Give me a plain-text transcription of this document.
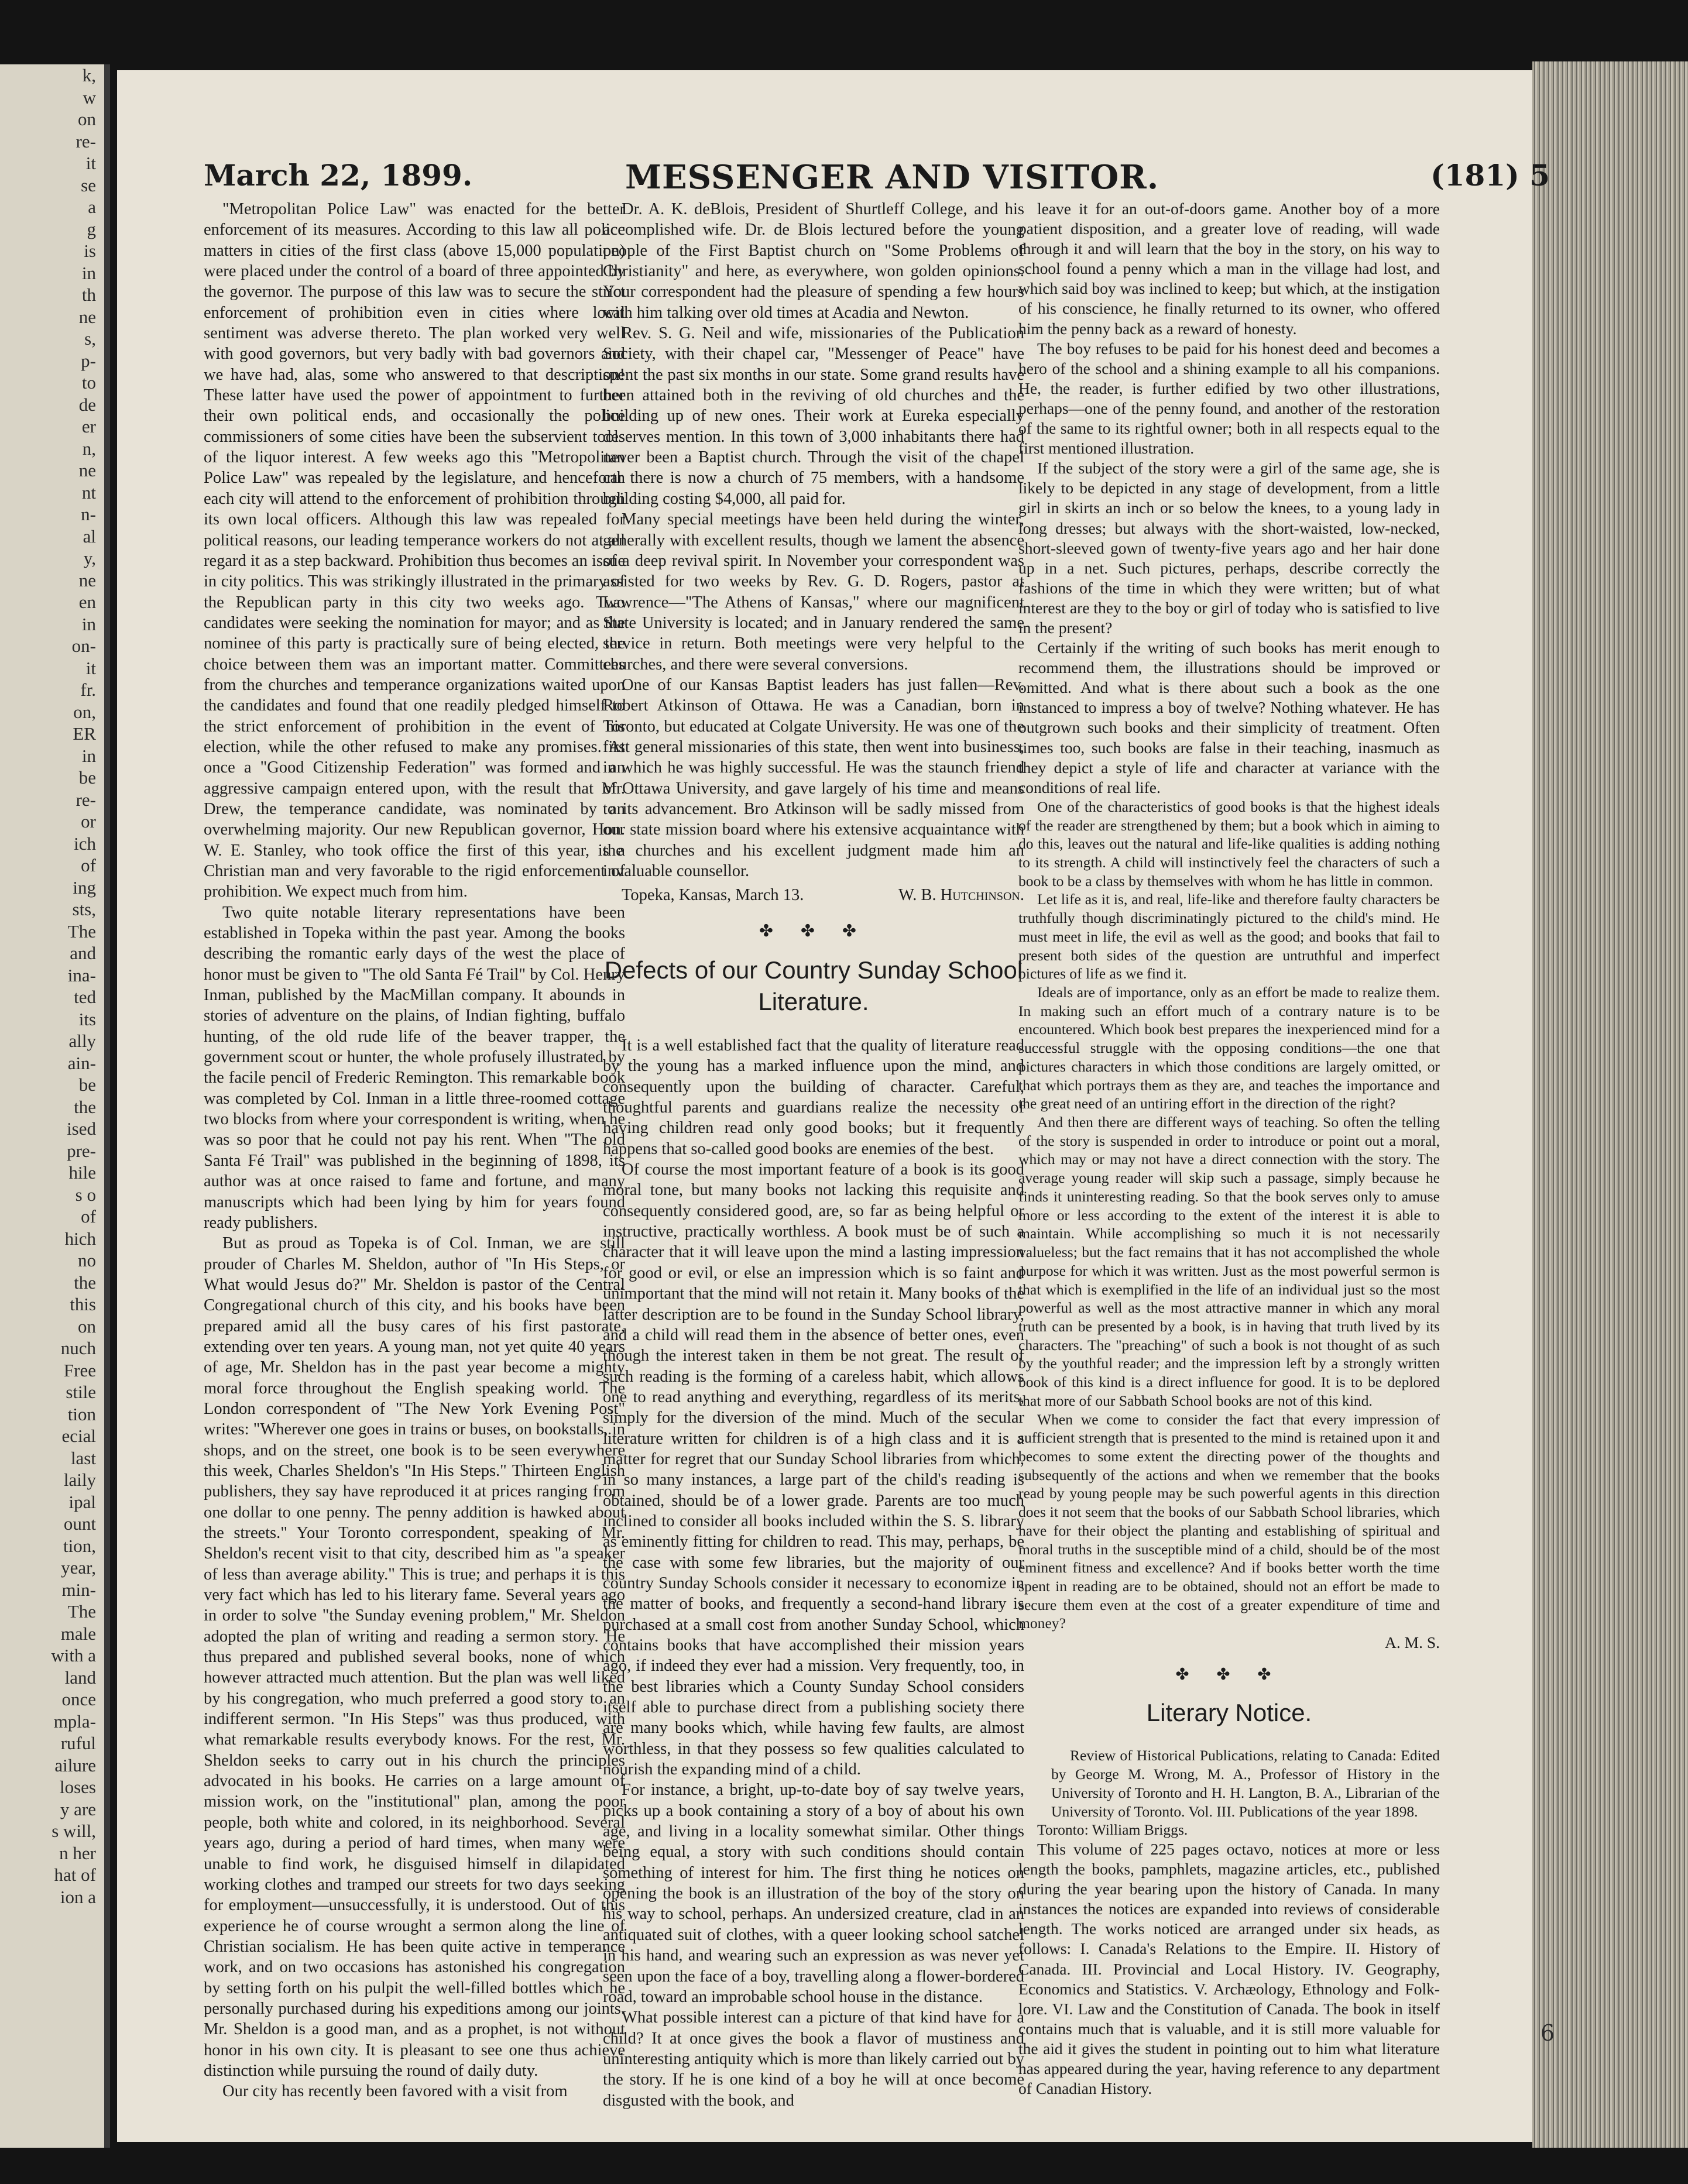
k,

w

on

re-

it

se

a

g

is

in

th

ne

s,

p-

to

de

er

n,

ne

nt

n-

al

y,

ne

en

in

on-

it

fr.

on,

ER

in

be

re-

or

ich

of

ing

sts,

The

and

ina-

ted

its

ally

ain-

be

the

ised

pre-

hile

s o

of

hich

no

the

this

on

nuch

Free

stile

tion

ecial

last

laily

ipal

ount

tion,

year,

min-

The

male

with a

land

once

mpla-

ruful

ailure

loses

y are

s will,

n her

hat of

ion a

March 22, 1899.	MESSENGER AND VISITOR.	(181) 5

"Metropolitan Police Law" was enacted for the better enforcement of its measures. According to this law all police matters in cities of the first class (above 15,000 population) were placed under the control of a board of three appointed by the governor. The purpose of this law was to secure the strict enforcement of prohibition even in cities where local sentiment was adverse thereto. The plan worked very well with good governors, but very badly with bad governors and we have had, alas, some who answered to that description! These latter have used the power of appointment to further their own political ends, and occasionally the police commissioners of some cities have been the subservient tools of the liquor interest. A few weeks ago this "Metropolitan Police Law" was repealed by the legislature, and henceforth each city will attend to the enforcement of prohibition through its own local officers. Although this law was repealed for political reasons, our leading temperance workers do not at all regard it as a step backward. Prohibition thus becomes an issue in city politics. This was strikingly illustrated in the primary of the Republican party in this city two weeks ago. Two candidates were seeking the nomination for mayor; and as the nominee of this party is practically sure of being elected, the choice between them was an important matter. Committees from the churches and temperance organizations waited upon the candidates and found that one readily pledged himself to the strict enforcement of prohibition in the event of his election, while the other refused to make any promises. At once a "Good Citizenship Federation" was formed and an aggressive campaign entered upon, with the result that Mr. Drew, the temperance candidate, was nominated by an overwhelming majority. Our new Republican governor, Hon. W. E. Stanley, who took office the first of this year, is a Christian man and very favorable to the rigid enforcement of prohibition. We expect much from him.

Two quite notable literary representations have been established in Topeka within the past year. Among the books describing the romantic early days of the west the place of honor must be given to "The old Santa Fé Trail" by Col. Henry Inman, published by the MacMillan company. It abounds in stories of adventure on the plains, of Indian fighting, buffalo hunting, of the old rude life of the beaver trapper, the government scout or hunter, the whole profusely illustrated by the facile pencil of Frederic Remington. This remarkable book was completed by Col. Inman in a little three-roomed cottage two blocks from where your correspondent is writing, when he was so poor that he could not pay his rent. When "The old Santa Fé Trail" was published in the beginning of 1898, its author was at once raised to fame and fortune, and many manuscripts which had been lying by him for years found ready publishers.

But as proud as Topeka is of Col. Inman, we are still prouder of Charles M. Sheldon, author of "In His Steps, or What would Jesus do?" Mr. Sheldon is pastor of the Central Congregational church of this city, and his books have been prepared amid all the busy cares of his first pastorate, extending over ten years. A young man, not yet quite 40 years of age, Mr. Sheldon has in the past year become a mighty moral force throughout the English speaking world. The London correspondent of "The New York Evening Post" writes: "Wherever one goes in trains or buses, on bookstalls, in shops, and on the street, one book is to be seen everywhere this week, Charles Sheldon's "In His Steps." Thirteen English publishers, they say have reproduced it at prices ranging from one dollar to one penny. The penny addition is hawked about the streets." Your Toronto correspondent, speaking of Mr. Sheldon's recent visit to that city, described him as "a speaker of less than average ability." This is true; and perhaps it is this very fact which has led to his literary fame. Several years ago in order to solve "the Sunday evening problem," Mr. Sheldon adopted the plan of writing and reading a sermon story. He thus prepared and published several books, none of which however attracted much attention. But the plan was well liked by his congregation, who much preferred a good story to an indifferent sermon. "In His Steps" was thus produced, with what remarkable results everybody knows. For the rest, Mr. Sheldon seeks to carry out in his church the principles advocated in his books. He carries on a large amount of mission work, on the "institutional" plan, among the poor people, both white and colored, in its neighborhood. Several years ago, during a period of hard times, when many were unable to find work, he disguised himself in dilapidated working clothes and tramped our streets for two days seeking for employment—unsuccessfully, it is understood. Out of this experience he of course wrought a sermon along the line of Christian socialism. He has been quite active in temperance work, and on two occasions has astonished his congregation by setting forth on his pulpit the well-filled bottles which he personally purchased during his expeditions among our joints. Mr. Sheldon is a good man, and as a prophet, is not without honor in his own city. It is pleasant to see one thus achieve distinction while pursuing the round of daily duty.

Our city has recently been favored with a visit from

Dr. A. K. deBlois, President of Shurtleff College, and his accomplished wife. Dr. de Blois lectured before the young people of the First Baptist church on "Some Problems of Christianity" and here, as everywhere, won golden opinions. Your correspondent had the pleasure of spending a few hours with him talking over old times at Acadia and Newton.

Rev. S. G. Neil and wife, missionaries of the Publication Society, with their chapel car, "Messenger of Peace" have spent the past six months in our state. Some grand results have been attained both in the reviving of old churches and the building up of new ones. Their work at Eureka especially deserves mention. In this town of 3,000 inhabitants there had never been a Baptist church. Through the visit of the chapel car there is now a church of 75 members, with a handsome building costing $4,000, all paid for.

Many special meetings have been held during the winter, generally with excellent results, though we lament the absence of a deep revival spirit. In November your correspondent was assisted for two weeks by Rev. G. D. Rogers, pastor at Lawrence—"The Athens of Kansas," where our magnificent State University is located; and in January rendered the same service in return. Both meetings were very helpful to the churches, and there were several conversions.

One of our Kansas Baptist leaders has just fallen—Rev. Robert Atkinson of Ottawa. He was a Canadian, born in Toronto, but educated at Colgate University. He was one of the first general missionaries of this state, then went into business, in which he was highly successful. He was the staunch friend of Ottawa University, and gave largely of his time and means to its advancement. Bro Atkinson will be sadly missed from our state mission board where his extensive acquaintance with the churches and his excellent judgment made him an invaluable counsellor.

Topeka, Kansas, March 13.	W. B. Hutchinson.

✤ ✤ ✤
Defects of our Country Sunday School Literature.

It is a well established fact that the quality of literature read by the young has a marked influence upon the mind, and consequently upon the building of character. Careful, thoughtful parents and guardians realize the necessity of having children read only good books; but it frequently happens that so-called good books are enemies of the best.

Of course the most important feature of a book is its good moral tone, but many books not lacking this requisite and consequently considered good, are, so far as being helpful or instructive, practically worthless. A book must be of such a character that it will leave upon the mind a lasting impression for good or evil, or else an impression which is so faint and unimportant that the mind will not retain it. Many books of the latter description are to be found in the Sunday School library, and a child will read them in the absence of better ones, even though the interest taken in them be not great. The result of such reading is the forming of a careless habit, which allows one to read anything and everything, regardless of its merits, simply for the diversion of the mind. Much of the secular literature written for children is of a high class and it is a matter for regret that our Sunday School libraries from which, in so many instances, a large part of the child's reading is obtained, should be of a lower grade. Parents are too much inclined to consider all books included within the S. S. library as eminently fitting for children to read. This may, perhaps, be the case with some few libraries, but the majority of our country Sunday Schools consider it necessary to economize in the matter of books, and frequently a second-hand library is purchased at a small cost from another Sunday School, which contains books that have accomplished their mission years ago, if indeed they ever had a mission. Very frequently, too, in the best libraries which a County Sunday School considers itself able to purchase direct from a publishing society there are many books which, while having few faults, are almost worthless, in that they possess so few qualities calculated to nourish the expanding mind of a child.

For instance, a bright, up-to-date boy of say twelve years, picks up a book containing a story of a boy of about his own age, and living in a locality somewhat similar. Other things being equal, a story with such conditions should contain something of interest for him. The first thing he notices on opening the book is an illustration of the boy of the story on his way to school, perhaps. An undersized creature, clad in an antiquated suit of clothes, with a queer looking school satchel in his hand, and wearing such an expression as was never yet seen upon the face of a boy, travelling along a flower-bordered road, toward an improbable school house in the distance.

What possible interest can a picture of that kind have for a child? It at once gives the book a flavor of mustiness and uninteresting antiquity which is more than likely carried out by the story. If he is one kind of a boy he will at once become disgusted with the book, and

leave it for an out-of-doors game. Another boy of a more patient disposition, and a greater love of reading, will wade through it and will learn that the boy in the story, on his way to school found a penny which a man in the village had lost, and which said boy was inclined to keep; but which, at the instigation of his conscience, he finally returned to its owner, who offered him the penny back as a reward of honesty.

The boy refuses to be paid for his honest deed and becomes a hero of the school and a shining example to all his companions. He, the reader, is further edified by two other illustrations, perhaps—one of the penny found, and another of the restoration of the same to its rightful owner; both in all respects equal to the first mentioned illustration.

If the subject of the story were a girl of the same age, she is likely to be depicted in any stage of development, from a little girl in skirts an inch or so below the knees, to a young lady in long dresses; but always with the short-waisted, low-necked, short-sleeved gown of twenty-five years ago and her hair done up in a net. Such pictures, perhaps, describe correctly the fashions of the time in which they were written; but of what interest are they to the boy or girl of today who is satisfied to live in the present?

Certainly if the writing of such books has merit enough to recommend them, the illustrations should be improved or omitted. And what is there about such a book as the one instanced to impress a boy of twelve? Nothing whatever. He has outgrown such books and their simplicity of treatment. Often times too, such books are false in their teaching, inasmuch as they depict a style of life and character at variance with the conditions of real life.

One of the characteristics of good books is that the highest ideals of the reader are strengthened by them; but a book which in aiming to do this, leaves out the natural and life-like qualities is adding nothing to its strength. A child will instinctively feel the characters of such a book to be a class by themselves with whom he has little in common.

Let life as it is, and real, life-like and therefore faulty characters be truthfully though discriminatingly pictured to the child's mind. He must meet in life, the evil as well as the good; and books that fail to present both sides of the question are untruthful and imperfect pictures of life as we find it.

Ideals are of importance, only as an effort be made to realize them. In making such an effort much of a contrary nature is to be encountered. Which book best prepares the inexperienced mind for a successful struggle with the opposing conditions—the one that pictures characters in which those conditions are largely omitted, or that which portrays them as they are, and teaches the importance and the great need of an untiring effort in the direction of the right?

And then there are different ways of teaching. So often the telling of the story is suspended in order to introduce or point out a moral, which may or may not have a direct connection with the story. The average young reader will skip such a passage, simply because he finds it uninteresting reading. So that the book serves only to amuse more or less according to the extent of the interest it is able to maintain. While accomplishing so much it is not necessarily valueless; but the fact remains that it has not accomplished the whole purpose for which it was written. Just as the most powerful sermon is that which is exemplified in the life of an individual just so the most powerful as well as the most attractive manner in which any moral truth can be presented by a book, is in having that truth lived by its characters. The "preaching" of such a book is not thought of as such by the youthful reader; and the impression left by a strongly written book of this kind is a direct influence for good. It is to be deplored that more of our Sabbath School books are not of this kind.

When we come to consider the fact that every impression of sufficient strength that is presented to the mind is retained upon it and becomes to some extent the directing power of the thoughts and subsequently of the actions and when we remember that the books read by young people may be such powerful agents in this direction does it not seem that the books of our Sabbath School libraries, which have for their object the planting and establishing of spiritual and moral truths in the susceptible mind of a child, should be of the most eminent fitness and excellence? And if books better worth the time spent in reading are to be obtained, should not an effort be made to secure them even at the cost of a greater expenditure of time and money?

A. M. S.
✤ ✤ ✤
Literary Notice.

Review of Historical Publications, relating to Canada: Edited by George M. Wrong, M. A., Professor of History in the University of Toronto and H. H. Langton, B. A., Librarian of the University of Toronto. Vol. III. Publications of the year 1898.

Toronto: William Briggs.

This volume of 225 pages octavo, notices at more or less length the books, pamphlets, magazine articles, etc., published during the year bearing upon the history of Canada. In many instances the notices are expanded into reviews of considerable length. The works noticed are arranged under six heads, as follows: I. Canada's Relations to the Empire. II. History of Canada. III. Provincial and Local History. IV. Geography, Economics and Statistics. V. Archæology, Ethnology and Folk-lore. VI. Law and the Constitution of Canada. The book in itself contains much that is valuable, and it is still more valuable for the aid it gives the student in pointing out to him what literature has appeared during the year, having reference to any department of Canadian History.

6
